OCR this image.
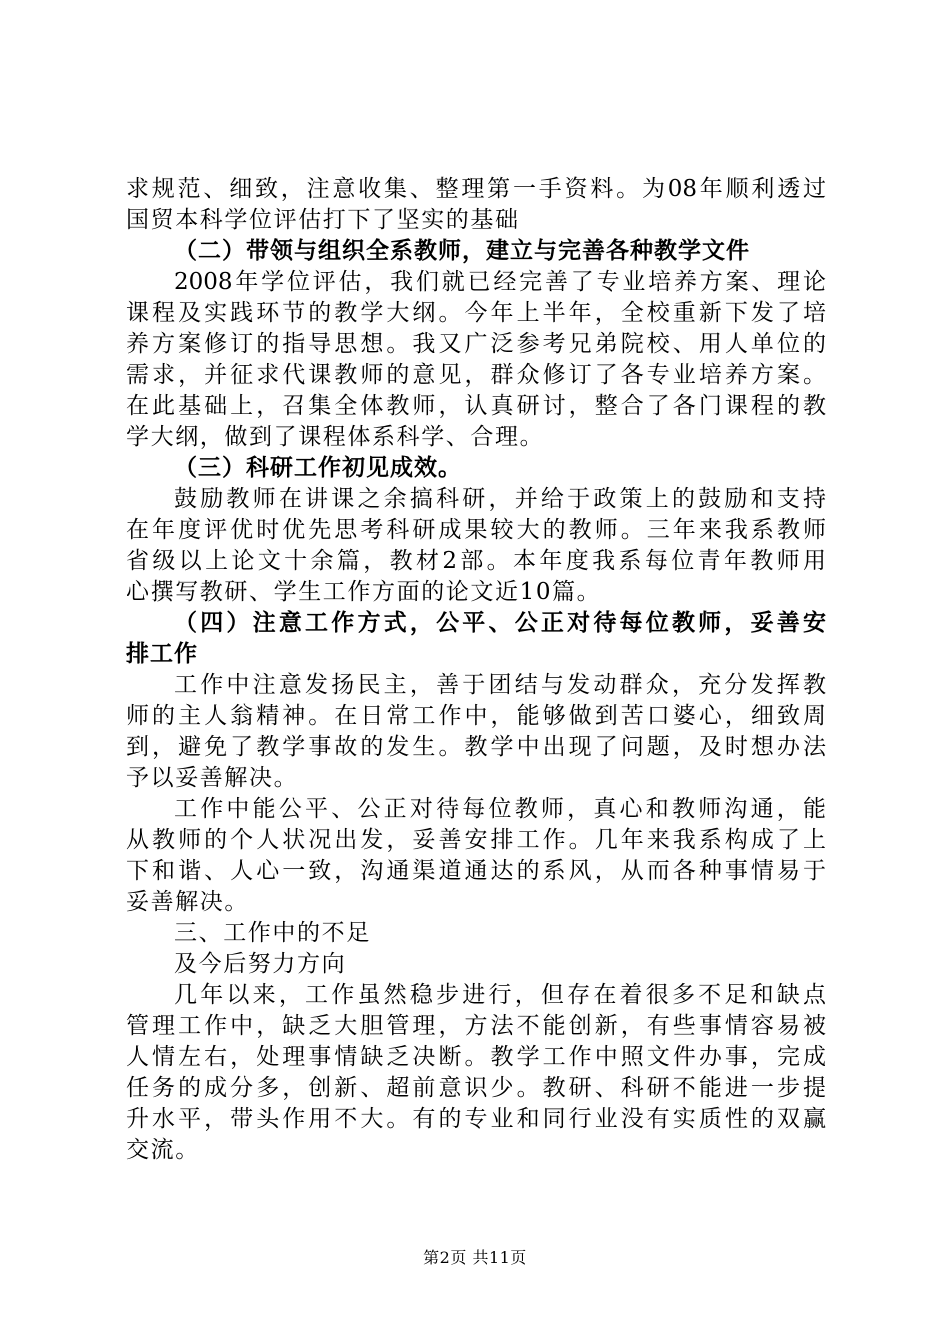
求规范、细致，注意收集、整理第一手资料。为08年顺利透过
国贸本科学位评估打下了坚实的基础
（二）带领与组织全系教师，建立与完善各种教学文件
2008年学位评估，我们就已经完善了专业培养方案、理论
课程及实践环节的教学大纲。今年上半年，全校重新下发了培
养方案修订的指导思想。我又广泛参考兄弟院校、用人单位的
需求，并征求代课教师的意见，群众修订了各专业培养方案。
在此基础上，召集全体教师，认真研讨，整合了各门课程的教
学大纲，做到了课程体系科学、合理。
（三）科研工作初见成效。
鼓励教师在讲课之余搞科研，并给于政策上的鼓励和支持
在年度评优时优先思考科研成果较大的教师。三年来我系教师
省级以上论文十余篇，教材2部。本年度我系每位青年教师用
心撰写教研、学生工作方面的论文近10篇。
（四）注意工作方式，公平、公正对待每位教师，妥善安
排工作
工作中注意发扬民主，善于团结与发动群众，充分发挥教
师的主人翁精神。在日常工作中，能够做到苦口婆心，细致周
到，避免了教学事故的发生。教学中出现了问题，及时想办法
予以妥善解决。
工作中能公平、公正对待每位教师，真心和教师沟通，能
从教师的个人状况出发，妥善安排工作。几年来我系构成了上
下和谐、人心一致，沟通渠道通达的系风，从而各种事情易于
妥善解决。
三、工作中的不足
及今后努力方向
几年以来，工作虽然稳步进行，但存在着很多不足和缺点
管理工作中，缺乏大胆管理，方法不能创新，有些事情容易被
人情左右，处理事情缺乏决断。教学工作中照文件办事，完成
任务的成分多，创新、超前意识少。教研、科研不能进一步提
升水平，带头作用不大。有的专业和同行业没有实质性的双赢
交流。
第2页 共11页
